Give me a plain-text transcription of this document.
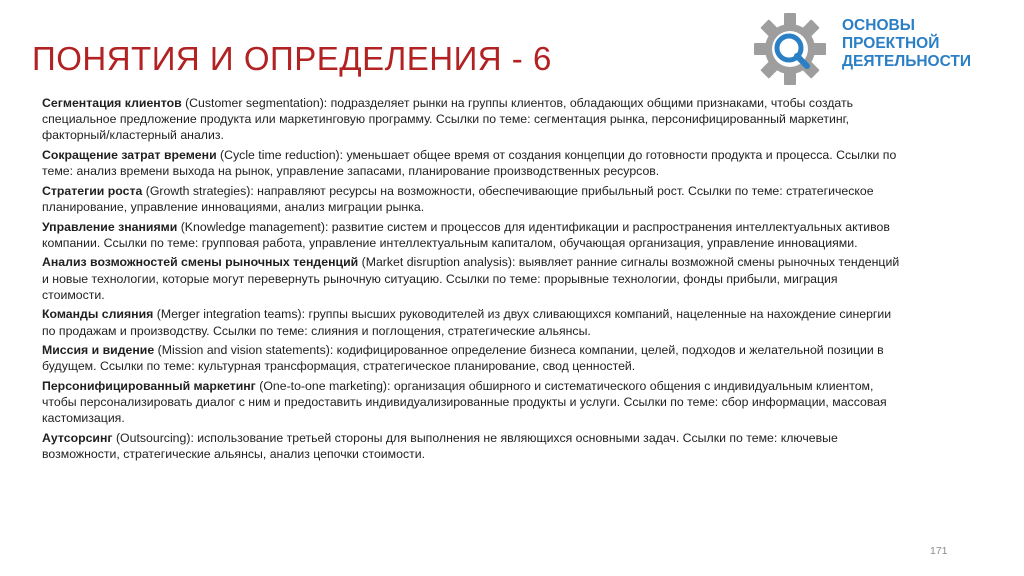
ПОНЯТИЯ И ОПРЕДЕЛЕНИЯ - 6
ОСНОВЫ
ПРОЕКТНОЙ
ДЕЯТЕЛЬНОСТИ
Сегментация клиентов (Customer segmentation): подразделяет рынки на группы клиентов, обладающих общими признаками, чтобы создать специальное предложение продукта или маркетинговую программу. Ссылки по теме: сегментация рынка, персонифицированный маркетинг, факторный/кластерный анализ.
Сокращение затрат времени (Cycle time reduction): уменьшает общее время от создания концепции до готовности продукта и процесса. Ссылки по теме: анализ времени выхода на рынок, управление запасами, планирование производственных ресурсов.
Стратегии роста (Growth strategies): направляют ресурсы на возможности, обеспечивающие прибыльный рост. Ссылки по теме: стратегическое планирование, управление инновациями, анализ миграции рынка.
Управление знаниями (Knowledge management): развитие систем и процессов для идентификации и распространения интеллектуальных активов компании. Ссылки по теме: групповая работа, управление интеллектуальным капиталом, обучающая организация, управление инновациями.
Анализ возможностей смены рыночных тенденций (Market disruption analysis): выявляет ранние сигналы возможной смены рыночных тенденций и новые технологии, которые могут перевернуть рыночную ситуацию. Ссылки по теме: прорывные технологии, фонды прибыли, миграция стоимости.
Команды слияния (Merger integration teams): группы высших руководителей из двух сливающихся компаний, нацеленные на нахождение синергии по продажам и производству. Ссылки по теме: слияния и поглощения, стратегические альянсы.
Миссия и видение (Mission and vision statements): кодифицированное определение бизнеса компании, целей, подходов и желательной позиции в будущем. Ссылки по теме: культурная трансформация, стратегическое планирование, свод ценностей.
Персонифицированный маркетинг (One-to-one marketing): организация обширного и систематического общения с индивидуальным клиентом, чтобы персонализировать диалог с ним и предоставить индивидуализированные продукты и услуги. Ссылки по теме: сбор информации, массовая кастомизация.
Аутсорсинг (Outsourcing): использование третьей стороны для выполнения не являющихся основными задач. Ссылки по теме: ключевые возможности, стратегические альянсы, анализ цепочки стоимости.
171
